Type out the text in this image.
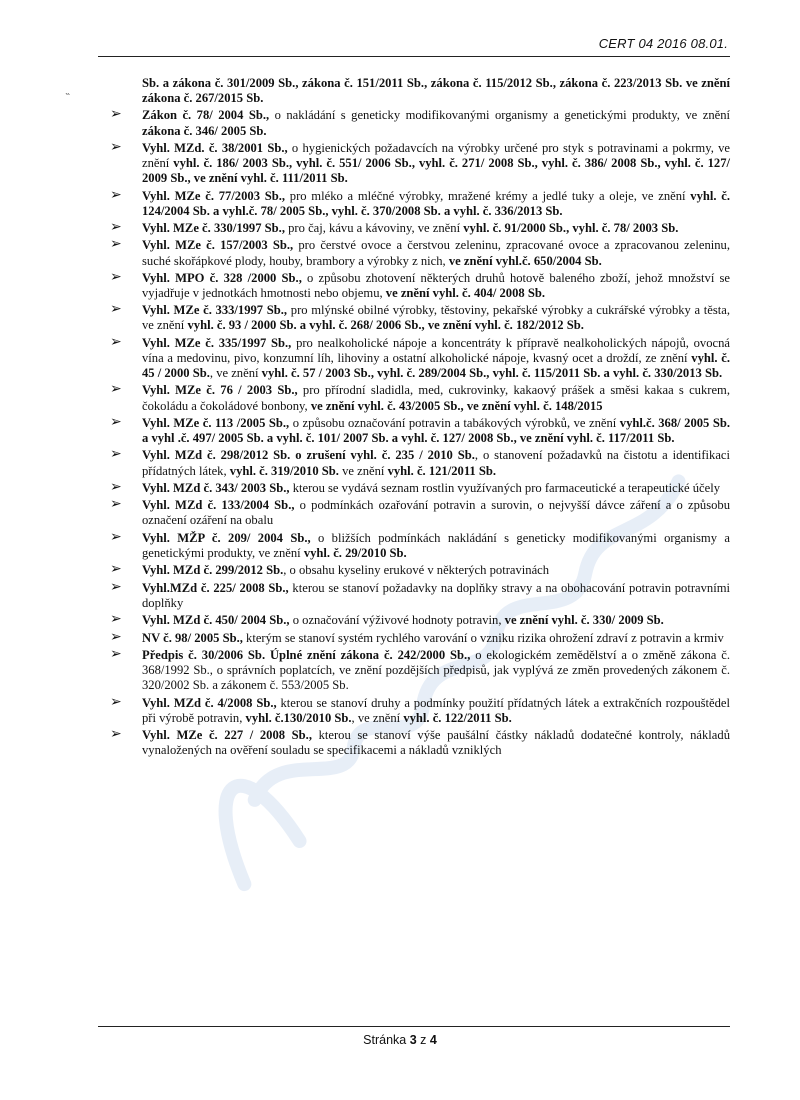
CERT 04 2016 08.01.
˵
Sb. a zákona č. 301/2009 Sb., zákona č. 151/2011 Sb., zákona č. 115/2012 Sb., zákona č. 223/2013 Sb. ve znění zákona č. 267/2015 Sb.
➢ Zákon č. 78/ 2004 Sb., o nakládání s geneticky modifikovanými organismy a genetickými produkty, ve znění zákona č. 346/ 2005 Sb.
➢ Vyhl. MZd. č. 38/2001 Sb., o hygienických požadavcích na výrobky určené pro styk s potravinami a pokrmy, ve znění vyhl. č. 186/ 2003 Sb., vyhl. č. 551/ 2006 Sb., vyhl. č. 271/ 2008 Sb., vyhl. č. 386/ 2008 Sb., vyhl. č. 127/ 2009 Sb., ve znění vyhl. č. 111/2011 Sb.
➢ Vyhl. MZe č. 77/2003 Sb., pro mléko a mléčné výrobky, mražené krémy a jedlé tuky a oleje, ve znění vyhl. č. 124/2004 Sb. a vyhl.č. 78/ 2005 Sb., vyhl. č. 370/2008 Sb. a vyhl. č. 336/2013 Sb.
➢ Vyhl. MZe č. 330/1997 Sb., pro čaj, kávu a kávoviny, ve znění vyhl. č. 91/2000 Sb., vyhl. č. 78/ 2003 Sb.
➢ Vyhl. MZe č. 157/2003 Sb., pro čerstvé ovoce a čerstvou zeleninu, zpracované ovoce a zpracovanou zeleninu, suché skořápkové plody, houby, brambory a výrobky z nich, ve znění vyhl.č. 650/2004 Sb.
➢ Vyhl. MPO č. 328 /2000 Sb., o způsobu zhotovení některých druhů hotově baleného zboží, jehož množství se vyjadřuje v jednotkách hmotnosti nebo objemu, ve znění vyhl. č. 404/ 2008 Sb.
➢ Vyhl. MZe č. 333/1997 Sb., pro mlýnské obilné výrobky, těstoviny, pekařské výrobky a cukrářské výrobky a těsta, ve znění vyhl. č. 93 / 2000 Sb. a vyhl. č. 268/ 2006 Sb., ve znění vyhl. č. 182/2012 Sb.
➢ Vyhl. MZe č. 335/1997 Sb., pro nealkoholické nápoje a koncentráty k přípravě nealkoholických nápojů, ovocná vína a medovinu, pivo, konzumní líh, lihoviny a ostatní alkoholické nápoje, kvasný ocet a droždí, ze znění vyhl. č. 45 / 2000 Sb., ve znění vyhl. č. 57 / 2003 Sb., vyhl. č. 289/2004 Sb., vyhl. č. 115/2011 Sb. a vyhl. č. 330/2013 Sb.
➢ Vyhl. MZe č. 76 / 2003 Sb., pro přírodní sladidla, med, cukrovinky, kakaový prášek a směsi kakaa s cukrem, čokoládu a čokoládové bonbony, ve znění vyhl. č. 43/2005 Sb., ve znění vyhl. č. 148/2015
➢ Vyhl. MZe č. 113 /2005 Sb., o způsobu označování potravin a tabákových výrobků, ve znění vyhl.č. 368/ 2005 Sb. a vyhl .č. 497/ 2005 Sb. a vyhl. č. 101/ 2007 Sb. a vyhl. č. 127/ 2008 Sb., ve znění vyhl. č. 117/2011 Sb.
➢ Vyhl. MZd č. 298/2012 Sb. o zrušení vyhl. č. 235 / 2010 Sb., o stanovení požadavků na čistotu a identifikaci přídatných látek, vyhl. č. 319/2010 Sb. ve znění vyhl. č. 121/2011 Sb.
➢ Vyhl. MZd č. 343/ 2003 Sb., kterou se vydává seznam rostlin využívaných pro farmaceutické a terapeutické účely
➢ Vyhl. MZd č. 133/2004 Sb., o podmínkách ozařování potravin a surovin, o nejvyšší dávce záření a o způsobu označení ozáření na obalu
➢ Vyhl. MŽP č. 209/ 2004 Sb., o bližších podmínkách nakládání s geneticky modifikovanými organismy a genetickými produkty, ve znění vyhl. č. 29/2010 Sb.
➢ Vyhl. MZd č. 299/2012 Sb., o obsahu kyseliny erukové v některých potravinách
➢ Vyhl.MZd č. 225/ 2008 Sb., kterou se stanoví požadavky na doplňky stravy a na obohacování potravin potravními doplňky
➢ Vyhl. MZd č. 450/ 2004 Sb., o označování výživové hodnoty potravin, ve znění vyhl. č. 330/ 2009 Sb.
➢ NV č. 98/ 2005 Sb., kterým se stanoví systém rychlého varování o vzniku rizika ohrožení zdraví z potravin a krmiv
➢ Předpis č. 30/2006 Sb. Úplné znění zákona č. 242/2000 Sb., o ekologickém zemědělství a o změně zákona č. 368/1992 Sb., o správních poplatcích, ve znění pozdějších předpisů, jak vyplývá ze změn provedených zákonem č. 320/2002 Sb. a zákonem č. 553/2005 Sb.
➢ Vyhl. MZd č. 4/2008 Sb., kterou se stanoví druhy a podmínky použití přídatných látek a extrakčních rozpouštědel při výrobě potravin, vyhl. č.130/2010 Sb., ve znění vyhl. č. 122/2011 Sb.
➢ Vyhl. MZe č. 227 / 2008 Sb., kterou se stanoví výše paušální částky nákladů dodatečné kontroly, nákladů vynaložených na ověření souladu se specifikacemi a nákladů vzniklých
Stránka 3 z 4
